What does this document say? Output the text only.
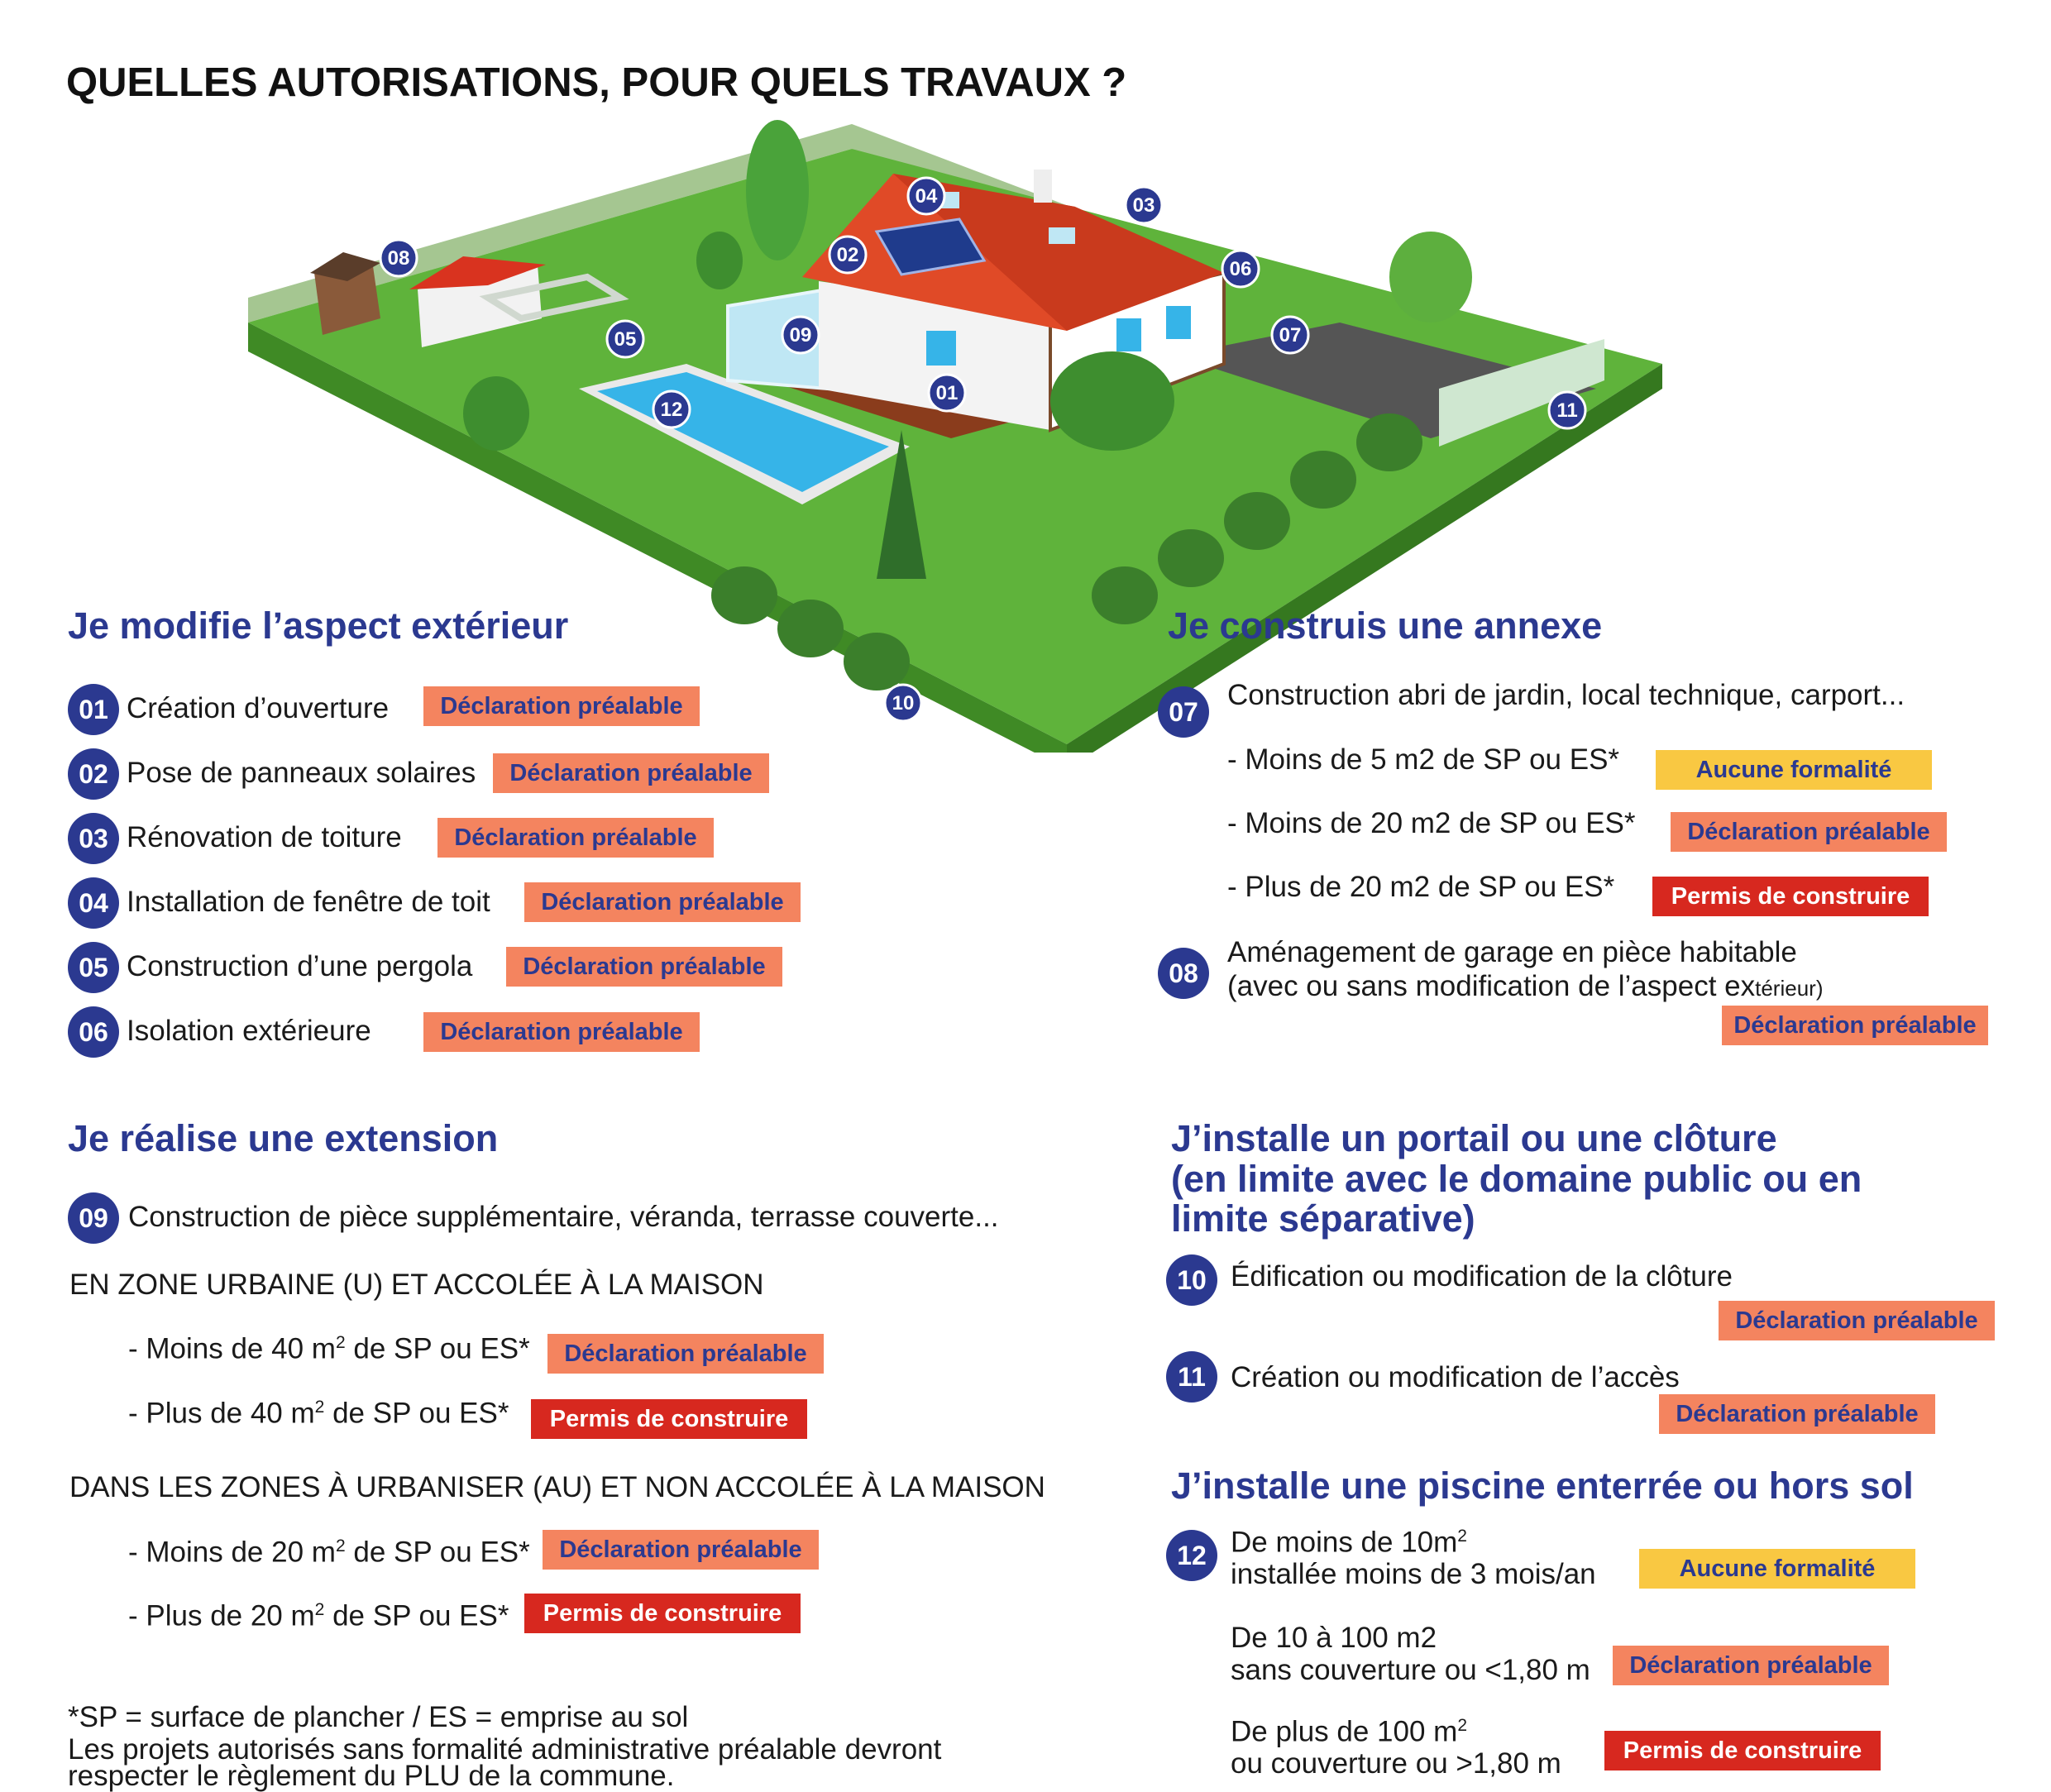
QUELLES AUTORISATIONS, POUR QUELS TRAVAUX ?
01
02
03
04
05
06
07
08
09
10
11
12
Je modifie l’aspect extérieur
01 Création d’ouverture	Déclaration préalable
02 Pose de panneaux solaires	Déclaration préalable
03 Rénovation de toiture	Déclaration préalable
04 Installation de fenêtre de toit	Déclaration préalable
05 Construction d’une pergola	Déclaration préalable
06 Isolation extérieure	Déclaration préalable
Je réalise une extension
09 Construction de pièce supplémentaire, véranda, terrasse couverte...
EN ZONE URBAINE (U) ET ACCOLÉE À LA MAISON
- Moins de 40 $m^2$ de SP ou ES*	Déclaration préalable
- Plus de 40 $m^2$ de SP ou ES*	Permis de construire
DANS LES ZONES À URBANISER (AU) ET NON ACCOLÉE À LA MAISON
- Moins de 20 $m^2$ de SP ou ES*	Déclaration préalable
- Plus de 20 $m^2$ de SP ou ES*	Permis de construire
*SP = surface de plancher / ES = emprise au sol
Les projets autorisés sans formalité administrative préalable devront
respecter le règlement du PLU de la commune.
Je construis une annexe
07
Construction abri de jardin, local technique, carport...
- Moins de 5 m2 de SP ou ES*	Aucune formalité
- Moins de 20 m2 de SP ou ES*	Déclaration préalable
- Plus de 20 m2 de SP ou ES*	Permis de construire
08
Aménagement de garage en pièce habitable
(avec ou sans modification de l’aspect extérieur)
Déclaration préalable
J’installe un portail ou une clôture
(en limite avec le domaine public ou en
limite séparative)
10 Édification ou modification de la clôture
Déclaration préalable
11 Création ou modification de l’accès
Déclaration préalable
J’installe une piscine enterrée ou hors sol
12 De moins de $10m^2$
installée moins de 3 mois/an	Aucune formalité
De 10 à 100 m2
sans couverture ou <1,80 m	Déclaration préalable
De plus de 100 $m^2$
ou couverture ou >1,80 m	Permis de construire
